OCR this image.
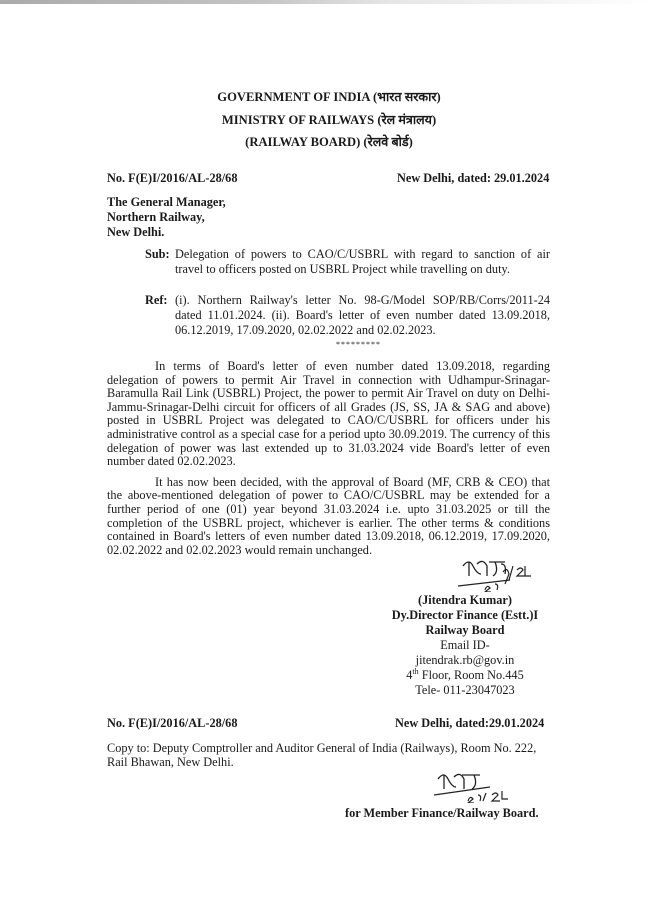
GOVERNMENT OF INDIA (भारत सरकार)
MINISTRY OF RAILWAYS (रेल मंत्रालय)
(RAILWAY BOARD) (रेलवे बोर्ड)
No. F(E)I/2016/AL-28/68	New Delhi, dated: 29.01.2024
The General Manager,
Northern Railway,
New Delhi.
Sub: Delegation of powers to CAO/C/USBRL with regard to sanction of air travel to officers posted on USBRL Project while travelling on duty.
Ref: (i). Northern Railway's letter No. 98-G/Model SOP/RB/Corrs/2011-24 dated 11.01.2024. (ii). Board's letter of even number dated 13.09.2018, 06.12.2019, 17.09.2020, 02.02.2022 and 02.02.2023.
*********
In terms of Board's letter of even number dated 13.09.2018, regarding delegation of powers to permit Air Travel in connection with Udhampur-Srinagar-Baramulla Rail Link (USBRL) Project, the power to permit Air Travel on duty on Delhi-Jammu-Srinagar-Delhi circuit for officers of all Grades (JS, SS, JA & SAG and above) posted in USBRL Project was delegated to CAO/C/USBRL for officers under his administrative control as a special case for a period upto 30.09.2019. The currency of this delegation of power was last extended up to 31.03.2024 vide Board's letter of even number dated 02.02.2023.
It has now been decided, with the approval of Board (MF, CRB & CEO) that the above-mentioned delegation of power to CAO/C/USBRL may be extended for a further period of one (01) year beyond 31.03.2024 i.e. upto 31.03.2025 or till the completion of the USBRL project, whichever is earlier. The other terms & conditions contained in Board's letters of even number dated 13.09.2018, 06.12.2019, 17.09.2020, 02.02.2022 and 02.02.2023 would remain unchanged.
(Jitendra Kumar)
Dy.Director Finance (Estt.)I
Railway Board
Email ID-
jitendrak.rb@gov.in
4th Floor, Room No.445
Tele- 011-23047023
No. F(E)I/2016/AL-28/68	New Delhi, dated:29.01.2024
Copy to: Deputy Comptroller and Auditor General of India (Railways), Room No. 222, Rail Bhawan, New Delhi.
for Member Finance/Railway Board.
